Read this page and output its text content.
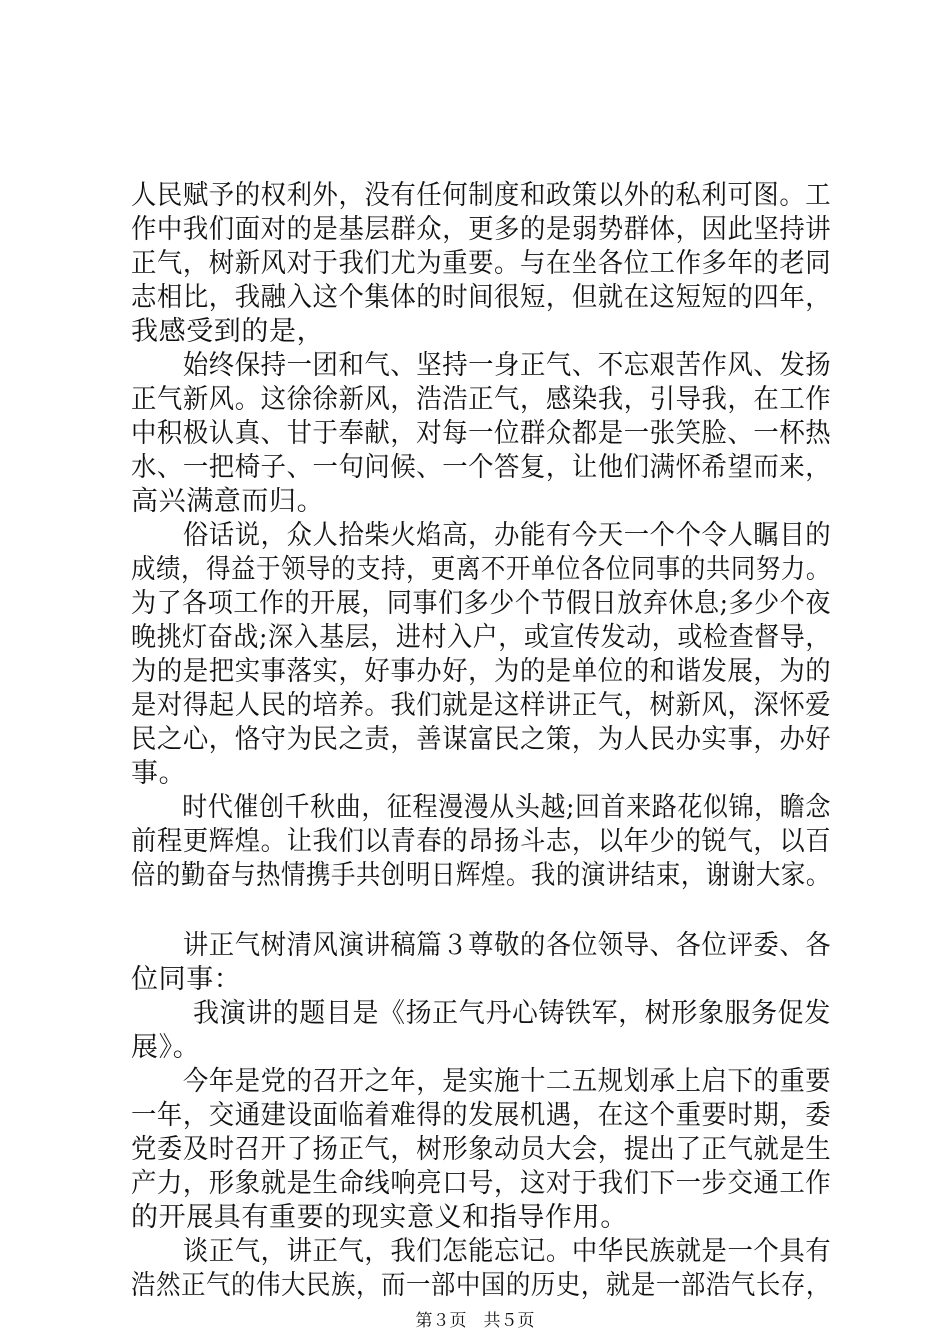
人民赋予的权利外，没有任何制度和政策以外的私利可图。工
作中我们面对的是基层群众，更多的是弱势群体，因此坚持讲
正气，树新风对于我们尤为重要。与在坐各位工作多年的老同
志相比，我融入这个集体的时间很短，但就在这短短的四年，
我感受到的是，
　　始终保持一团和气、坚持一身正气、不忘艰苦作风、发扬
正气新风。这徐徐新风，浩浩正气，感染我，引导我，在工作
中积极认真、甘于奉献，对每一位群众都是一张笑脸、一杯热
水、一把椅子、一句问候、一个答复，让他们满怀希望而来，
高兴满意而归。
　　俗话说，众人拾柴火焰高，办能有今天一个个令人瞩目的
成绩，得益于领导的支持，更离不开单位各位同事的共同努力。
为了各项工作的开展，同事们多少个节假日放弃休息;多少个夜
晚挑灯奋战;深入基层，进村入户，或宣传发动，或检查督导，
为的是把实事落实，好事办好，为的是单位的和谐发展，为的
是对得起人民的培养。我们就是这样讲正气，树新风，深怀爱
民之心，恪守为民之责，善谋富民之策，为人民办实事，办好
事。
　　时代催创千秋曲，征程漫漫从头越;回首来路花似锦，瞻念
前程更辉煌。让我们以青春的昂扬斗志，以年少的锐气，以百
倍的勤奋与热情携手共创明日辉煌。我的演讲结束，谢谢大家。
　　讲正气树清风演讲稿篇３尊敬的各位领导、各位评委、各
位同事：
　　 我演讲的题目是《扬正气丹心铸铁军，树形象服务促发
展》。
　　今年是党的召开之年，是实施十二五规划承上启下的重要
一年，交通建设面临着难得的发展机遇，在这个重要时期，委
党委及时召开了扬正气，树形象动员大会，提出了正气就是生
产力，形象就是生命线响亮口号，这对于我们下一步交通工作
的开展具有重要的现实意义和指导作用。
　　谈正气，讲正气，我们怎能忘记。中华民族就是一个具有
浩然正气的伟大民族，而一部中国的历史，就是一部浩气长存，
第３页　共５页
